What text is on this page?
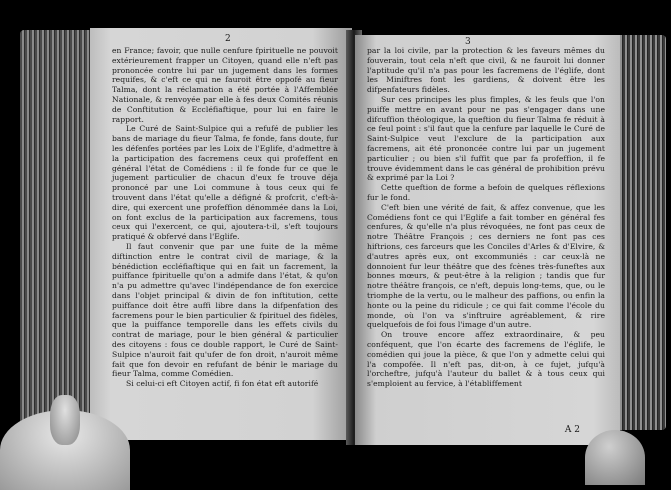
2

en France; favoir, que nulle cenfure fpirituelle ne pouvoit extérieurement frapper un Citoyen, quand elle n'eft pas prononcée contre lui par un jugement dans les formes requifes, & c'eft ce qui ne fauroit être oppofé au fieur Talma, dont la réclamation a été portée à l'Affemblée Nationale, & renvoyée par elle à fes deux Comités réunis de Conftitution & Eccléfiaftique, pour lui en faire le rapport.

Le Curé de Saint-Sulpice qui a refufé de publier les bans de mariage du fieur Talma, fe fonde, fans doute, fur les défenfes portées par les Loix de l'Eglife, d'admettre à la participation des facremens ceux qui profeffent en général l'état de Comédiens : il fe fonde fur ce que le jugement particulier de chacun d'eux fe trouve déja prononcé par une Loi commune à tous ceux qui fe trouvent dans l'état qu'elle a défigné & profcrit, c'eft-à-dire, qui exercent une profeffion dénommée dans la Loi, on font exclus de la participation aux facremens, tous ceux qui l'exercent, ce qui, ajoutera-t-il, s'eft toujours pratiqué & obfervé dans l'Eglife.

Il faut convenir que par une fuite de la même diftinction entre le contrat civil de mariage, & la bénédiction eccléfiaftique qui en fait un facrement, la puiffance fpirituelle qu'on a admife dans l'état, & qu'on n'a pu admettre qu'avec l'indépendance de fon exercice dans l'objet principal & divin de fon inftitution, cette puiffance doit être auffi libre dans la difpenfation des facremens pour le bien particulier & fpirituel des fidèles, que la puiffance temporelle dans les effets civils du contrat de mariage, pour le bien général & particulier des citoyens : fous ce double rapport, le Curé de Saint-Sulpice n'auroit fait qu'ufer de fon droit, n'auroit même fait que fon devoir en refufant de bénir le mariage du fieur Talma, comme Comédien.

Si celui-ci eft Citoyen actif, fi fon état eft autorifé

3

par la loi civile, par la protection & les faveurs mêmes du fouverain, tout cela n'eft que civil, & ne fauroit lui donner l'aptitude qu'il n'a pas pour les facremens de l'églife, dont les Miniftres font les gardiens, & doivent être les difpenfateurs fidèles.

Sur ces principes les plus fimples, & les feuls que l'on puiffe mettre en avant pour ne pas s'engager dans une difcuffion théologique, la queftion du fieur Talma fe réduit à ce feul point : s'il faut que la cenfure par laquelle le Curé de Saint-Sulpice veut l'exclure de la participation aux facremens, ait été prononcée contre lui par un jugement particulier ; ou bien s'il fuffit que par fa profeffion, il fe trouve évidemment dans le cas général de prohibition prévu & exprimé par la Loi ?

Cette queftion de forme a befoin de quelques réflexions fur le fond.

C'eft bien une vérité de fait, & affez convenue, que les Comédiens font ce qui l'Eglife a fait tomber en général fes cenfures, & qu'elle n'a plus révoquées, ne font pas ceux de notre Théâtre François ; ces derniers ne font pas ces hiftrions, ces farceurs que les Conciles d'Arles & d'Elvire, & d'autres après eux, ont excommuniés : car ceux-là ne donnoient fur leur théâtre que des fcènes très-funeftes aux bonnes mœurs, & peut-être à la religion ; tandis que fur notre théâtre françois, ce n'eft, depuis long-tems, que, ou le triomphe de la vertu, ou le malheur des paffions, ou enfin la honte ou la peine du ridicule ; ce qui fait comme l'école du monde, où l'on va s'inftruire agréablement, & rire quelquefois de foi fous l'image d'un autre.

On trouve encore affez extraordinaire, & peu conféquent, que l'on écarte des facremens de l'églife, le comédien qui joue la pièce, & que l'on y admette celui qui l'a compofée. Il n'eft pas, dit-on, à ce fujet, jufqu'à l'orcheftre, jufqu'à l'auteur du ballet & à tous ceux qui s'emploient au fervice, à l'établiffement

A 2
